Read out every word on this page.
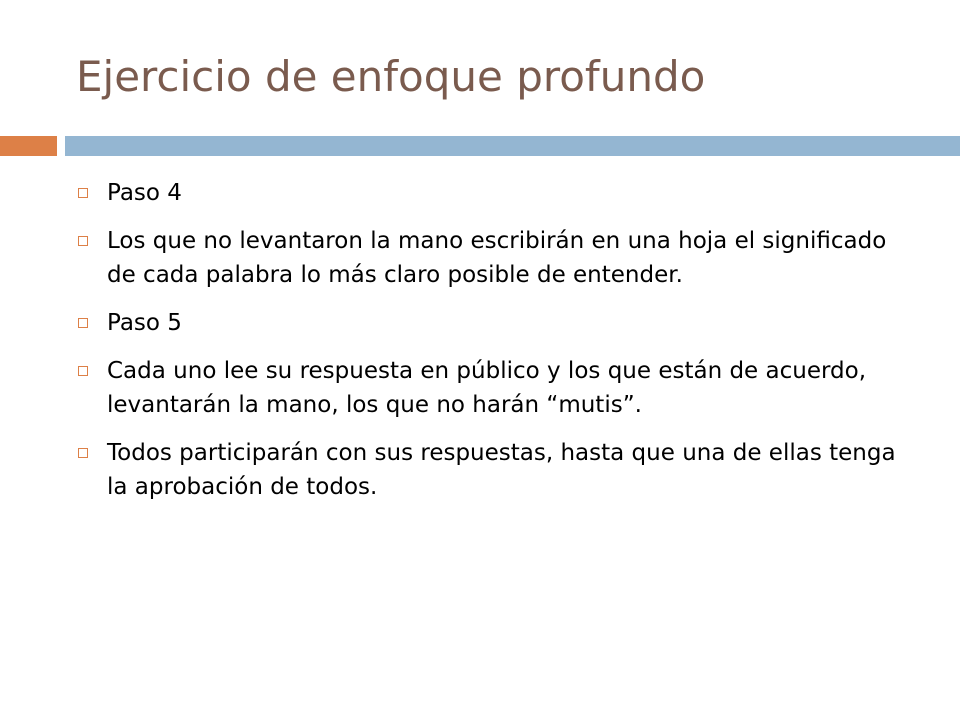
Ejercicio de enfoque profundo
Paso 4
Los que no levantaron la mano escribirán en una hoja el significado de cada palabra lo más claro posible de entender.
Paso 5
Cada uno lee su respuesta en público y los que están de acuerdo, levantarán la mano, los que no harán “mutis”.
Todos participarán con sus respuestas, hasta que una de ellas tenga la aprobación de todos.
